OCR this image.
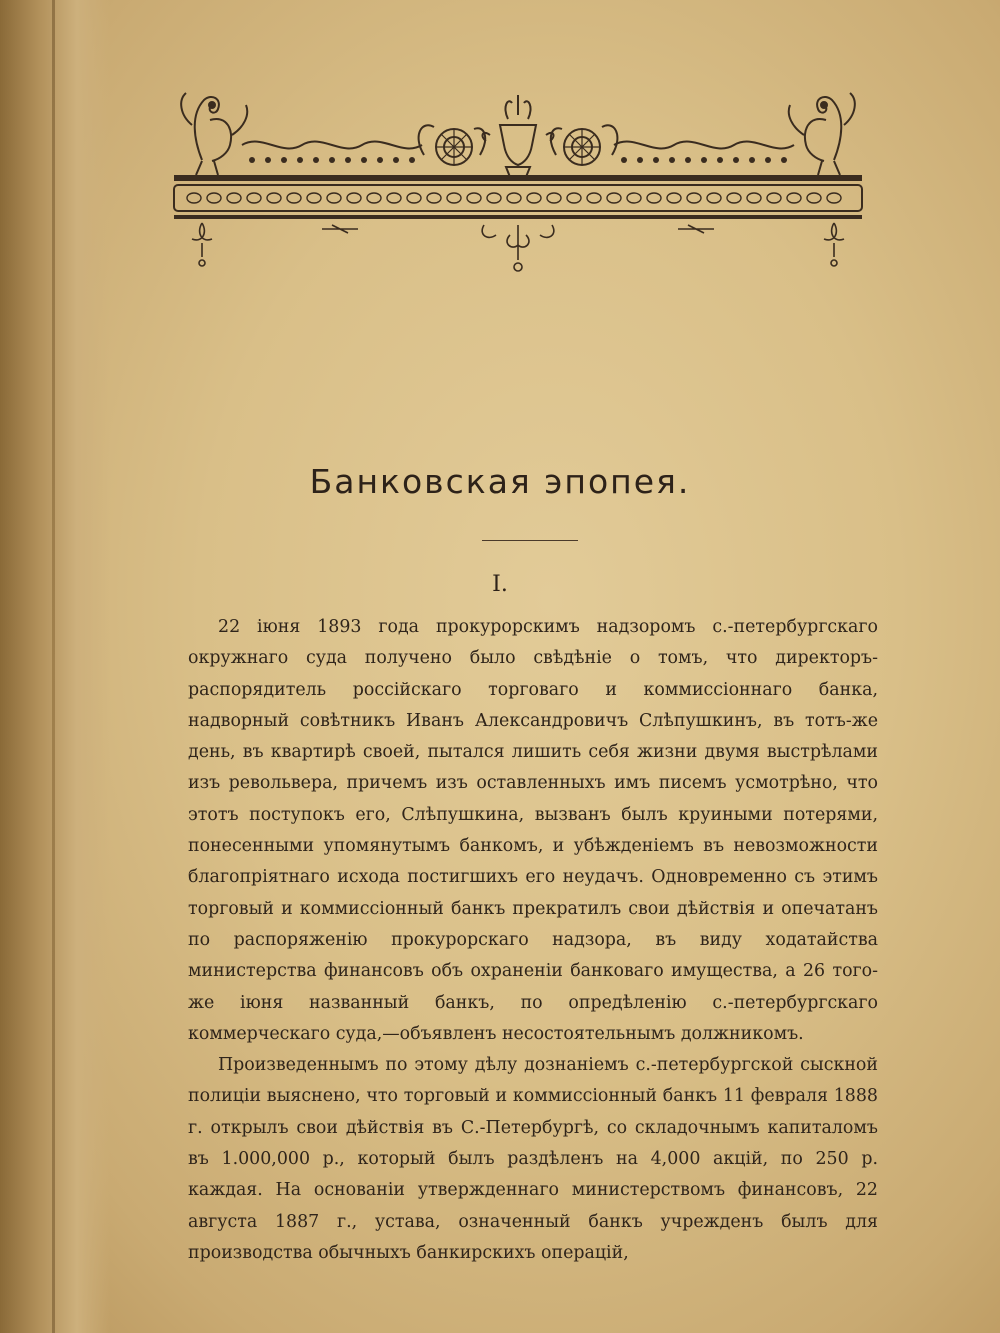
Банковская эпопея.
I.

22 іюня 1893 года прокурорскимъ надзоромъ с.-петербургскаго окружнаго суда получено было свѣдѣніе о томъ, что директоръ-распорядитель россійскаго торговаго и коммиссіоннаго банка, надворный совѣтникъ Иванъ Александровичъ Слѣпушкинъ, въ тотъ-же день, въ квартирѣ своей, пытался лишить себя жизни двумя выстрѣлами изъ револьвера, причемъ изъ оставленныхъ имъ писемъ усмотрѣно, что этотъ поступокъ его, Слѣпушкина, вызванъ былъ круиными потерями, понесенными упомянутымъ банкомъ, и убѣжденіемъ въ невозможности благопріятнаго исхода постигшихъ его неудачъ. Одновременно съ этимъ торговый и коммиссіонный банкъ прекратилъ свои дѣйствія и опечатанъ по распоряженію прокурорскаго надзора, въ виду ходатайства министерства финансовъ объ охраненіи банковаго имущества, а 26 того-же іюня названный банкъ, по опредѣленію с.-петербургскаго коммерческаго суда,—объявленъ несостоятельнымъ должникомъ.

Произведеннымъ по этому дѣлу дознаніемъ с.-петербургской сыскной полиціи выяснено, что торговый и коммиссіонный банкъ 11 февраля 1888 г. открылъ свои дѣйствія въ С.-Петербургѣ, со складочнымъ капиталомъ въ 1.000,000 р., который былъ раздѣленъ на 4,000 акцій, по 250 р. каждая. На основаніи утвержденнаго министерствомъ финансовъ, 22 августа 1887 г., устава, означенный банкъ учрежденъ былъ для производства обычныхъ банкирскихъ операцій,
